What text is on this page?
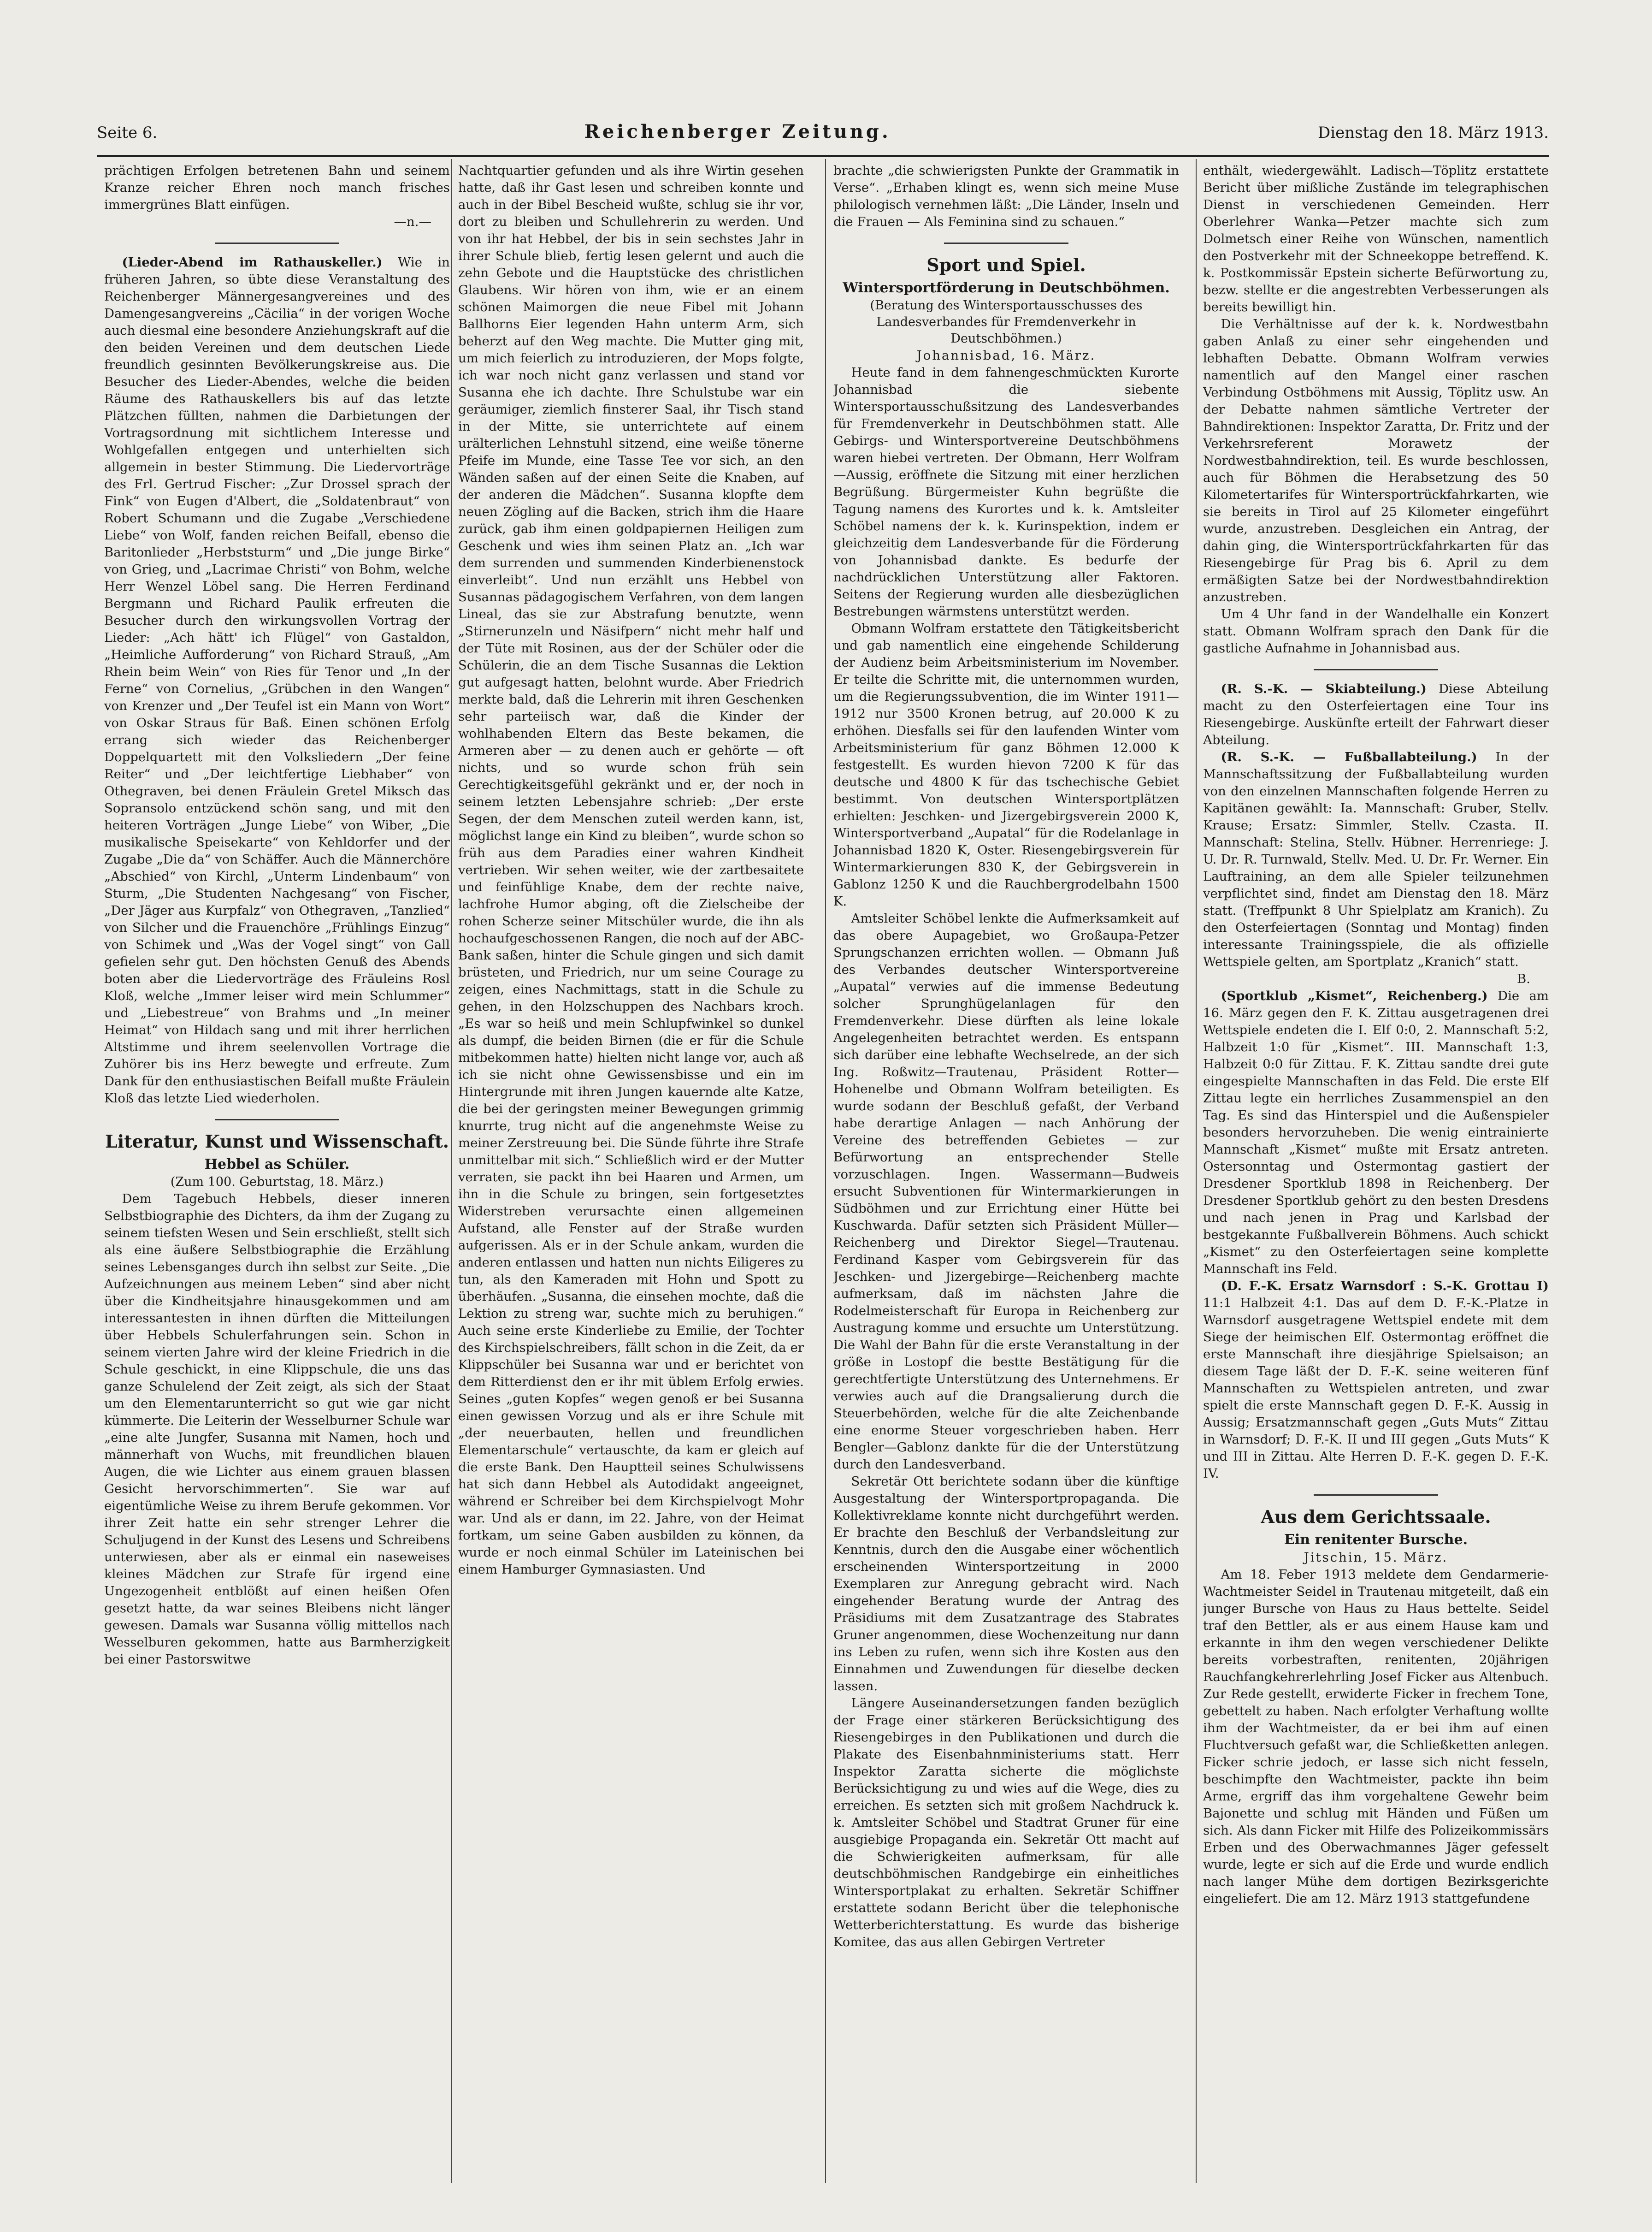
Seite 6.	Reichenberger Zeitung.	Dienstag den 18. März 1913.

prächtigen Erfolgen betretenen Bahn und seinem Kranze reicher Ehren noch manch frisches immergrünes Blatt einfügen.

—n.—

(Lieder-Abend im Rathauskeller.) Wie in früheren Jahren, so übte diese Veranstaltung des Reichenberger Männergesangvereines und des Damengesangvereins „Cäcilia“ in der vorigen Woche auch diesmal eine besondere Anziehungskraft auf die den beiden Vereinen und dem deutschen Liede freundlich gesinnten Bevölkerungskreise aus. Die Besucher des Lieder-Abendes, welche die beiden Räume des Rathauskellers bis auf das letzte Plätzchen füllten, nahmen die Darbietungen der Vortragsordnung mit sichtlichem Interesse und Wohlgefallen entgegen und unterhielten sich allgemein in bester Stimmung. Die Liedervorträge des Frl. Gertrud Fischer: „Zur Drossel sprach der Fink“ von Eugen d'Albert, die „Soldatenbraut“ von Robert Schumann und die Zugabe „Verschiedene Liebe“ von Wolf, fanden reichen Beifall, ebenso die Baritonlieder „Herbststurm“ und „Die junge Birke“ von Grieg, und „Lacrimae Christi“ von Bohm, welche Herr Wenzel Löbel sang. Die Herren Ferdinand Bergmann und Richard Paulik erfreuten die Besucher durch den wirkungsvollen Vortrag der Lieder: „Ach hätt' ich Flügel“ von Gastaldon, „Heimliche Aufforderung“ von Richard Strauß, „Am Rhein beim Wein“ von Ries für Tenor und „In der Ferne“ von Cornelius, „Grübchen in den Wangen“ von Krenzer und „Der Teufel ist ein Mann von Wort“ von Oskar Straus für Baß. Einen schönen Erfolg errang sich wieder das Reichenberger Doppelquartett mit den Volksliedern „Der feine Reiter“ und „Der leichtfertige Liebhaber“ von Othegraven, bei denen Fräulein Gretel Miksch das Sopransolo entzückend schön sang, und mit den heiteren Vorträgen „Junge Liebe“ von Wiber, „Die musikalische Speisekarte“ von Kehldorfer und der Zugabe „Die da“ von Schäffer. Auch die Männerchöre „Abschied“ von Kirchl, „Unterm Lindenbaum“ von Sturm, „Die Studenten Nachgesang“ von Fischer, „Der Jäger aus Kurpfalz“ von Othegraven, „Tanzlied“ von Silcher und die Frauenchöre „Frühlings Einzug“ von Schimek und „Was der Vogel singt“ von Gall gefielen sehr gut. Den höchsten Genuß des Abends boten aber die Liedervorträge des Fräuleins Rosl Kloß, welche „Immer leiser wird mein Schlummer“ und „Liebestreue“ von Brahms und „In meiner Heimat“ von Hildach sang und mit ihrer herrlichen Altstimme und ihrem seelenvollen Vortrage die Zuhörer bis ins Herz bewegte und erfreute. Zum Dank für den enthusiastischen Beifall mußte Fräulein Kloß das letzte Lied wiederholen.

Literatur, Kunst und Wissenschaft.
Hebbel as Schüler.
(Zum 100. Geburtstag, 18. März.)

Dem Tagebuch Hebbels, dieser inneren Selbstbiographie des Dichters, da ihm der Zugang zu seinem tiefsten Wesen und Sein erschließt, stellt sich als eine äußere Selbstbiographie die Erzählung seines Lebensganges durch ihn selbst zur Seite. „Die Aufzeichnungen aus meinem Leben“ sind aber nicht über die Kindheitsjahre hinausgekommen und am interessantesten in ihnen dürften die Mitteilungen über Hebbels Schulerfahrungen sein. Schon in seinem vierten Jahre wird der kleine Friedrich in die Schule geschickt, in eine Klippschule, die uns das ganze Schulelend der Zeit zeigt, als sich der Staat um den Elementarunterricht so gut wie gar nicht kümmerte. Die Leiterin der Wesselburner Schule war „eine alte Jungfer, Susanna mit Namen, hoch und männerhaft von Wuchs, mit freundlichen blauen Augen, die wie Lichter aus einem grauen blassen Gesicht hervorschimmerten“. Sie war auf eigentümliche Weise zu ihrem Berufe gekommen. Vor ihrer Zeit hatte ein sehr strenger Lehrer die Schuljugend in der Kunst des Lesens und Schreibens unterwiesen, aber als er einmal ein naseweises kleines Mädchen zur Strafe für irgend eine Ungezogenheit entblößt auf einen heißen Ofen gesetzt hatte, da war seines Bleibens nicht länger gewesen. Damals war Susanna völlig mittellos nach Wesselburen gekommen, hatte aus Barmherzigkeit bei einer Pastorswitwe

Nachtquartier gefunden und als ihre Wirtin gesehen hatte, daß ihr Gast lesen und schreiben konnte und auch in der Bibel Bescheid wußte, schlug sie ihr vor, dort zu bleiben und Schullehrerin zu werden. Und von ihr hat Hebbel, der bis in sein sechstes Jahr in ihrer Schule blieb, fertig lesen gelernt und auch die zehn Gebote und die Hauptstücke des christlichen Glaubens. Wir hören von ihm, wie er an einem schönen Maimorgen die neue Fibel mit Johann Ballhorns Eier legenden Hahn unterm Arm, sich beherzt auf den Weg machte. Die Mutter ging mit, um mich feierlich zu introduzieren, der Mops folgte, ich war noch nicht ganz verlassen und stand vor Susanna ehe ich dachte. Ihre Schulstube war ein geräumiger, ziemlich finsterer Saal, ihr Tisch stand in der Mitte, sie unterrichtete auf einem urälterlichen Lehnstuhl sitzend, eine weiße tönerne Pfeife im Munde, eine Tasse Tee vor sich, an den Wänden saßen auf der einen Seite die Knaben, auf der anderen die Mädchen“. Susanna klopfte dem neuen Zögling auf die Backen, strich ihm die Haare zurück, gab ihm einen goldpapiernen Heiligen zum Geschenk und wies ihm seinen Platz an. „Ich war dem surrenden und summenden Kinderbienenstock einverleibt“. Und nun erzählt uns Hebbel von Susannas pädagogischem Verfahren, von dem langen Lineal, das sie zur Abstrafung benutzte, wenn „Stirnerunzeln und Näsifpern“ nicht mehr half und der Tüte mit Rosinen, aus der der Schüler oder die Schülerin, die an dem Tische Susannas die Lektion gut aufgesagt hatten, belohnt wurde. Aber Friedrich merkte bald, daß die Lehrerin mit ihren Geschenken sehr parteiisch war, daß die Kinder der wohlhabenden Eltern das Beste bekamen, die Armeren aber — zu denen auch er gehörte — oft nichts, und so wurde schon früh sein Gerechtigkeitsgefühl gekränkt und er, der noch in seinem letzten Lebensjahre schrieb: „Der erste Segen, der dem Menschen zuteil werden kann, ist, möglichst lange ein Kind zu bleiben“, wurde schon so früh aus dem Paradies einer wahren Kindheit vertrieben. Wir sehen weiter, wie der zartbesaitete und feinfühlige Knabe, dem der rechte naive, lachfrohe Humor abging, oft die Zielscheibe der rohen Scherze seiner Mitschüler wurde, die ihn als hochaufgeschossenen Rangen, die noch auf der ABC-Bank saßen, hinter die Schule gingen und sich damit brüsteten, und Friedrich, nur um seine Courage zu zeigen, eines Nachmittags, statt in die Schule zu gehen, in den Holzschuppen des Nachbars kroch. „Es war so heiß und mein Schlupfwinkel so dunkel als dumpf, die beiden Birnen (die er für die Schule mitbekommen hatte) hielten nicht lange vor, auch aß ich sie nicht ohne Gewissensbisse und ein im Hintergrunde mit ihren Jungen kauernde alte Katze, die bei der geringsten meiner Bewegungen grimmig knurrte, trug nicht auf die angenehmste Weise zu meiner Zerstreuung bei. Die Sünde führte ihre Strafe unmittelbar mit sich.“ Schließlich wird er der Mutter verraten, sie packt ihn bei Haaren und Armen, um ihn in die Schule zu bringen, sein fortgesetztes Widerstreben verursachte einen allgemeinen Aufstand, alle Fenster auf der Straße wurden aufgerissen. Als er in der Schule ankam, wurden die anderen entlassen und hatten nun nichts Eiligeres zu tun, als den Kameraden mit Hohn und Spott zu überhäufen. „Susanna, die einsehen mochte, daß die Lektion zu streng war, suchte mich zu beruhigen.“ Auch seine erste Kinderliebe zu Emilie, der Tochter des Kirchspielschreibers, fällt schon in die Zeit, da er Klippschüler bei Susanna war und er berichtet von dem Ritterdienst den er ihr mit üblem Erfolg erwies. Seines „guten Kopfes“ wegen genoß er bei Susanna einen gewissen Vorzug und als er ihre Schule mit „der neuerbauten, hellen und freundlichen Elementarschule“ vertauschte, da kam er gleich auf die erste Bank. Den Hauptteil seines Schulwissens hat sich dann Hebbel als Autodidakt angeeignet, während er Schreiber bei dem Kirchspielvogt Mohr war. Und als er dann, im 22. Jahre, von der Heimat fortkam, um seine Gaben ausbilden zu können, da wurde er noch einmal Schüler im Lateinischen bei einem Hamburger Gymnasiasten. Und

brachte „die schwierigsten Punkte der Grammatik in Verse“. „Erhaben klingt es, wenn sich meine Muse philologisch vernehmen läßt: „Die Länder, Inseln und die Frauen — Als Feminina sind zu schauen.“

Sport und Spiel.
Wintersportförderung in Deutschböhmen.
(Beratung des Wintersportausschusses des Landesverbandes für Fremdenverkehr in Deutschböhmen.)

Johannisbad, 16. März.

Heute fand in dem fahnengeschmückten Kurorte Johannisbad die siebente Wintersportausschußsitzung des Landesverbandes für Fremdenverkehr in Deutschböhmen statt. Alle Gebirgs- und Wintersportvereine Deutschböhmens waren hiebei vertreten. Der Obmann, Herr Wolfram—Aussig, eröffnete die Sitzung mit einer herzlichen Begrüßung. Bürgermeister Kuhn begrüßte die Tagung namens des Kurortes und k. k. Amtsleiter Schöbel namens der k. k. Kurinspektion, indem er gleichzeitig dem Landesverbande für die Förderung von Johannisbad dankte. Es bedurfe der nachdrücklichen Unterstützung aller Faktoren. Seitens der Regierung wurden alle diesbezüglichen Bestrebungen wärmstens unterstützt werden.

Obmann Wolfram erstattete den Tätigkeitsbericht und gab namentlich eine eingehende Schilderung der Audienz beim Arbeitsministerium im November. Er teilte die Schritte mit, die unternommen wurden, um die Regierungssubvention, die im Winter 1911—1912 nur 3500 Kronen betrug, auf 20.000 K zu erhöhen. Diesfalls sei für den laufenden Winter vom Arbeitsministerium für ganz Böhmen 12.000 K festgestellt. Es wurden hievon 7200 K für das deutsche und 4800 K für das tschechische Gebiet bestimmt. Von deutschen Wintersportplätzen erhielten: Jeschken- und Jizergebirgsverein 2000 K, Wintersportverband „Aupatal“ für die Rodelanlage in Johannisbad 1820 K, Oster. Riesengebirgsverein für Wintermarkierungen 830 K, der Gebirgsverein in Gablonz 1250 K und die Rauchbergrodelbahn 1500 K.

Amtsleiter Schöbel lenkte die Aufmerksamkeit auf das obere Aupagebiet, wo Großaupa-Petzer Sprungschanzen errichten wollen. — Obmann Juß des Verbandes deutscher Wintersportvereine „Aupatal“ verwies auf die immense Bedeutung solcher Sprunghügelanlagen für den Fremdenverkehr. Diese dürften als leine lokale Angelegenheiten betrachtet werden. Es entspann sich darüber eine lebhafte Wechselrede, an der sich Ing. Roßwitz—Trautenau, Präsident Rotter—Hohenelbe und Obmann Wolfram beteiligten. Es wurde sodann der Beschluß gefaßt, der Verband habe derartige Anlagen — nach Anhörung der Vereine des betreffenden Gebietes — zur Befürwortung an entsprechender Stelle vorzuschlagen. Ingen. Wassermann—Budweis ersucht Subventionen für Wintermarkierungen in Südböhmen und zur Errichtung einer Hütte bei Kuschwarda. Dafür setzten sich Präsident Müller—Reichenberg und Direktor Siegel—Trautenau. Ferdinand Kasper vom Gebirgsverein für das Jeschken- und Jizergebirge—Reichenberg machte aufmerksam, daß im nächsten Jahre die Rodelmeisterschaft für Europa in Reichenberg zur Austragung komme und ersuchte um Unterstützung. Die Wahl der Bahn für die erste Veranstaltung in der größe in Lostopf die bestte Bestätigung für die gerechtfertigte Unterstützung des Unternehmens. Er verwies auch auf die Drangsalierung durch die Steuerbehörden, welche für die alte Zeichenbande eine enorme Steuer vorgeschrieben haben. Herr Bengler—Gablonz dankte für die der Unterstützung durch den Landesverband.

Sekretär Ott berichtete sodann über die künftige Ausgestaltung der Wintersportpropaganda. Die Kollektivreklame konnte nicht durchgeführt werden. Er brachte den Beschluß der Verbandsleitung zur Kenntnis, durch den die Ausgabe einer wöchentlich erscheinenden Wintersportzeitung in 2000 Exemplaren zur Anregung gebracht wird. Nach eingehender Beratung wurde der Antrag des Präsidiums mit dem Zusatzantrage des Stabrates Gruner angenommen, diese Wochenzeitung nur dann ins Leben zu rufen, wenn sich ihre Kosten aus den Einnahmen und Zuwendungen für dieselbe decken lassen.

Längere Auseinandersetzungen fanden bezüglich der Frage einer stärkeren Berücksichtigung des Riesengebirges in den Publikationen und durch die Plakate des Eisenbahnministeriums statt. Herr Inspektor Zaratta sicherte die möglichste Berücksichtigung zu und wies auf die Wege, dies zu erreichen. Es setzten sich mit großem Nachdruck k. k. Amtsleiter Schöbel und Stadtrat Gruner für eine ausgiebige Propaganda ein. Sekretär Ott macht auf die Schwierigkeiten aufmerksam, für alle deutschböhmischen Randgebirge ein einheitliches Wintersportplakat zu erhalten. Sekretär Schiffner erstattete sodann Bericht über die telephonische Wetterberichterstattung. Es wurde das bisherige Komitee, das aus allen Gebirgen Vertreter

enthält, wiedergewählt. Ladisch—Töplitz erstattete Bericht über mißliche Zustände im telegraphischen Dienst in verschiedenen Gemeinden. Herr Oberlehrer Wanka—Petzer machte sich zum Dolmetsch einer Reihe von Wünschen, namentlich den Postverkehr mit der Schneekoppe betreffend. K. k. Postkommissär Epstein sicherte Befürwortung zu, bezw. stellte er die angestrebten Verbesserungen als bereits bewilligt hin.

Die Verhältnisse auf der k. k. Nordwestbahn gaben Anlaß zu einer sehr eingehenden und lebhaften Debatte. Obmann Wolfram verwies namentlich auf den Mangel einer raschen Verbindung Ostböhmens mit Aussig, Töplitz usw. An der Debatte nahmen sämtliche Vertreter der Bahndirektionen: Inspektor Zaratta, Dr. Fritz und der Verkehrsreferent Morawetz der Nordwestbahndirektion, teil. Es wurde beschlossen, auch für Böhmen die Herabsetzung des 50 Kilometertarifes für Wintersportrückfahrkarten, wie sie bereits in Tirol auf 25 Kilometer eingeführt wurde, anzustreben. Desgleichen ein Antrag, der dahin ging, die Wintersportrückfahrkarten für das Riesengebirge für Prag bis 6. April zu dem ermäßigten Satze bei der Nordwestbahndirektion anzustreben.

Um 4 Uhr fand in der Wandelhalle ein Konzert statt. Obmann Wolfram sprach den Dank für die gastliche Aufnahme in Johannisbad aus.

(R. S.-K. — Skiabteilung.) Diese Abteilung macht zu den Osterfeiertagen eine Tour ins Riesengebirge. Auskünfte erteilt der Fahrwart dieser Abteilung.

(R. S.-K. — Fußballabteilung.) In der Mannschaftssitzung der Fußballabteilung wurden von den einzelnen Mannschaften folgende Herren zu Kapitänen gewählt: Ia. Mannschaft: Gruber, Stellv. Krause; Ersatz: Simmler, Stellv. Czasta. II. Mannschaft: Stelina, Stellv. Hübner. Herrenriege: J. U. Dr. R. Turnwald, Stellv. Med. U. Dr. Fr. Werner. Ein Lauftraining, an dem alle Spieler teilzunehmen verpflichtet sind, findet am Dienstag den 18. März statt. (Treffpunkt 8 Uhr Spielplatz am Kranich). Zu den Osterfeiertagen (Sonntag und Montag) finden interessante Trainingsspiele, die als offizielle Wettspiele gelten, am Sportplatz „Kranich“ statt.

B.

(Sportklub „Kismet“, Reichenberg.) Die am 16. März gegen den F. K. Zittau ausgetragenen drei Wettspiele endeten die I. Elf 0:0, 2. Mannschaft 5:2, Halbzeit 1:0 für „Kismet“. III. Mannschaft 1:3, Halbzeit 0:0 für Zittau. F. K. Zittau sandte drei gute eingespielte Mannschaften in das Feld. Die erste Elf Zittau legte ein herrliches Zusammenspiel an den Tag. Es sind das Hinterspiel und die Außenspieler besonders hervorzuheben. Die wenig eintrainierte Mannschaft „Kismet“ mußte mit Ersatz antreten. Ostersonntag und Ostermontag gastiert der Dresdener Sportklub 1898 in Reichenberg. Der Dresdener Sportklub gehört zu den besten Dresdens und nach jenen in Prag und Karlsbad der bestgekannte Fußballverein Böhmens. Auch schickt „Kismet“ zu den Osterfeiertagen seine komplette Mannschaft ins Feld.

(D. F.-K. Ersatz Warnsdorf : S.-K. Grottau I) 11:1 Halbzeit 4:1. Das auf dem D. F.-K.-Platze in Warnsdorf ausgetragene Wettspiel endete mit dem Siege der heimischen Elf. Ostermontag eröffnet die erste Mannschaft ihre diesjährige Spielsaison; an diesem Tage läßt der D. F.-K. seine weiteren fünf Mannschaften zu Wettspielen antreten, und zwar spielt die erste Mannschaft gegen D. F.-K. Aussig in Aussig; Ersatzmannschaft gegen „Guts Muts“ Zittau in Warnsdorf; D. F.-K. II und III gegen „Guts Muts“ K und III in Zittau. Alte Herren D. F.-K. gegen D. F.-K. IV.

Aus dem Gerichtssaale.
Ein renitenter Bursche.

Jitschin, 15. März.

Am 18. Feber 1913 meldete dem Gendarmerie-Wachtmeister Seidel in Trautenau mitgeteilt, daß ein junger Bursche von Haus zu Haus bettelte. Seidel traf den Bettler, als er aus einem Hause kam und erkannte in ihm den wegen verschiedener Delikte bereits vorbestraften, renitenten, 20jährigen Rauchfangkehrerlehrling Josef Ficker aus Altenbuch. Zur Rede gestellt, erwiderte Ficker in frechem Tone, gebettelt zu haben. Nach erfolgter Verhaftung wollte ihm der Wachtmeister, da er bei ihm auf einen Fluchtversuch gefaßt war, die Schließketten anlegen. Ficker schrie jedoch, er lasse sich nicht fesseln, beschimpfte den Wachtmeister, packte ihn beim Arme, ergriff das ihm vorgehaltene Gewehr beim Bajonette und schlug mit Händen und Füßen um sich. Als dann Ficker mit Hilfe des Polizeikommissärs Erben und des Oberwachmannes Jäger gefesselt wurde, legte er sich auf die Erde und wurde endlich nach langer Mühe dem dortigen Bezirksgerichte eingeliefert. Die am 12. März 1913 stattgefundene
